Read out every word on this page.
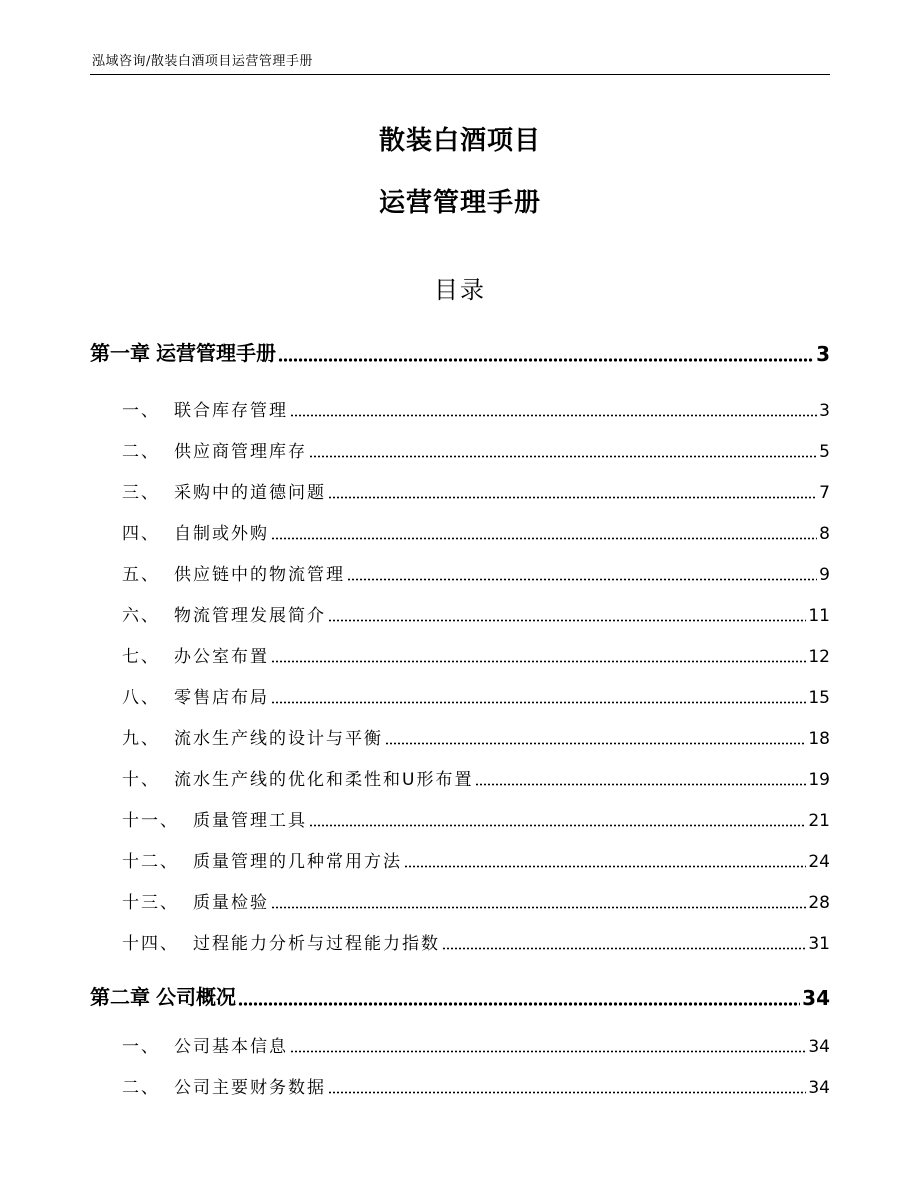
泓域咨询/散装白酒项目运营管理手册
散装白酒项目
运营管理手册
目录
第一章 运营管理手册	3
一、 联合库存管理	3
二、 供应商管理库存	5
三、 采购中的道德问题	7
四、 自制或外购	8
五、 供应链中的物流管理	9
六、 物流管理发展简介	11
七、 办公室布置	12
八、 零售店布局	15
九、 流水生产线的设计与平衡	18
十、 流水生产线的优化和柔性和U形布置	19
十一、 质量管理工具	21
十二、 质量管理的几种常用方法	24
十三、 质量检验	28
十四、 过程能力分析与过程能力指数	31
第二章 公司概况	34
一、 公司基本信息	34
二、 公司主要财务数据	34
